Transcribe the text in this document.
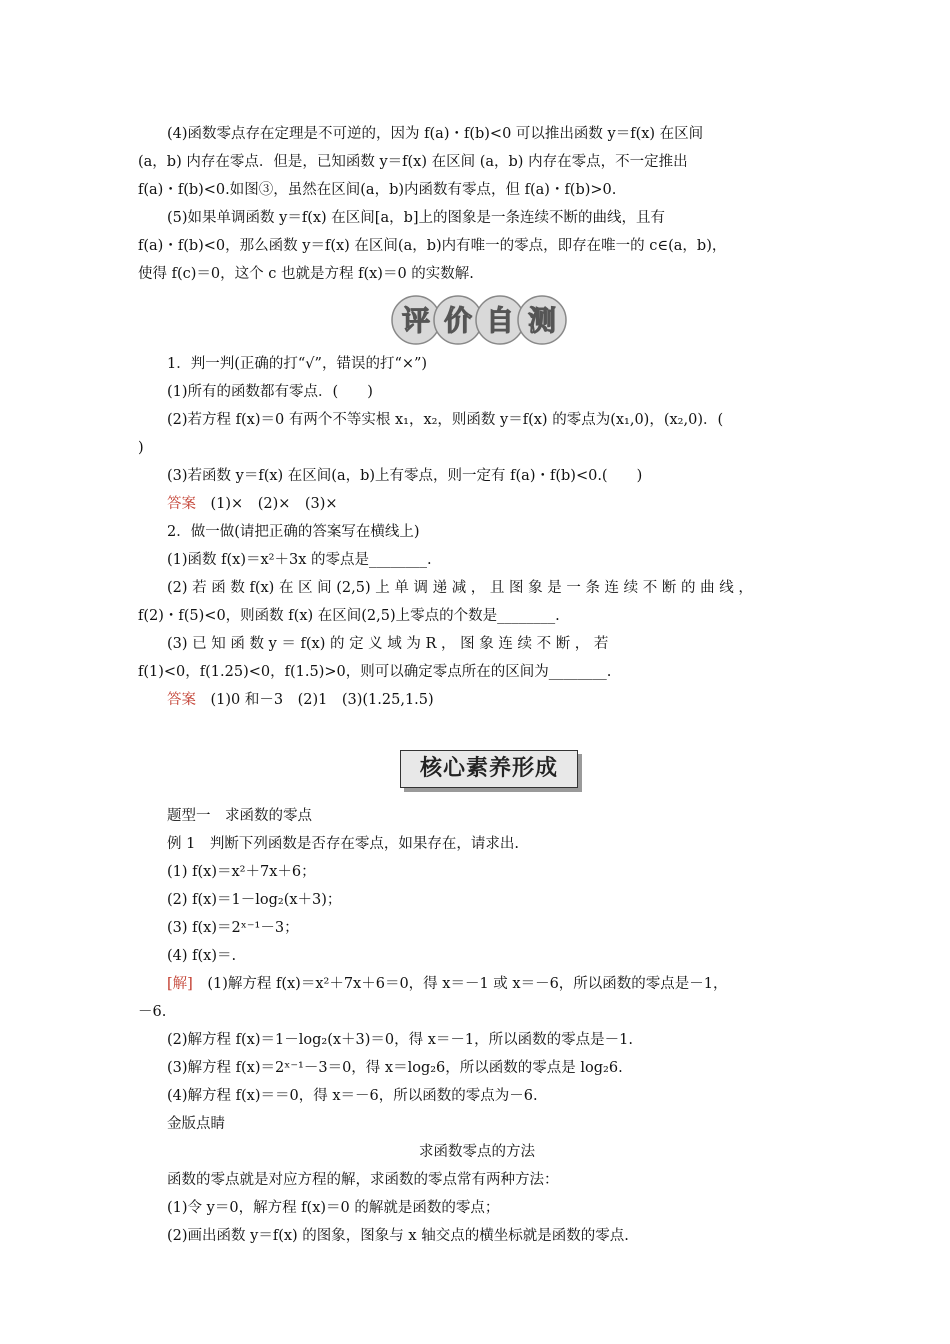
(4)函数零点存在定理是不可逆的，因为 f(a)・f(b)<0 可以推出函数 y＝f(x) 在区间

(a，b) 内存在零点．但是，已知函数 y＝f(x) 在区间 (a，b) 内存在零点，不一定推出

f(a)・f(b)<0.如图③，虽然在区间(a，b)内函数有零点，但 f(a)・f(b)>0.

(5)如果单调函数 y＝f(x) 在区间[a，b]上的图象是一条连续不断的曲线，且有

f(a)・f(b)<0，那么函数 y＝f(x) 在区间(a，b)内有唯一的零点，即存在唯一的 c∈(a，b)，

使得 f(c)＝0，这个 c 也就是方程 f(x)＝0 的实数解.

评 价 自 测

1．判一判(正确的打“√”，错误的打“×”)

(1)所有的函数都有零点．(　　)

(2)若方程 f(x)＝0 有两个不等实根 x₁，x₂，则函数 y＝f(x) 的零点为(x₁,0)，(x₂,0)．(

)

(3)若函数 y＝f(x) 在区间(a，b)上有零点，则一定有 f(a)・f(b)<0.(　　)

答案　(1)×　(2)×　(3)×

2．做一做(请把正确的答案写在横线上)

(1)函数 f(x)＝x²＋3x 的零点是________.

(2) 若 函 数 f(x) 在 区 间 (2,5) 上 单 调 递 减 ， 且 图 象 是 一 条 连 续 不 断 的 曲 线 ，

f(2)・f(5)<0，则函数 f(x) 在区间(2,5)上零点的个数是________.

(3) 已 知 函 数 y ＝ f(x) 的 定 义 域 为 R ， 图 象 连 续 不 断 ， 若

f(1)<0，f(1.25)<0，f(1.5)>0，则可以确定零点所在的区间为________.

答案　(1)0 和－3　(2)1　(3)(1.25,1.5)

核心素养形成

题型一　求函数的零点

例 1　判断下列函数是否存在零点，如果存在，请求出.

(1) f(x)＝x²＋7x＋6；

(2) f(x)＝1－log₂(x＋3)；

(3) f(x)＝2ˣ⁻¹－3；

(4) f(x)＝.

[解]　(1)解方程 f(x)＝x²＋7x＋6＝0，得 x＝－1 或 x＝－6，所以函数的零点是－1，

－6.

(2)解方程 f(x)＝1－log₂(x＋3)＝0，得 x＝－1，所以函数的零点是－1.

(3)解方程 f(x)＝2ˣ⁻¹－3＝0，得 x＝log₂6，所以函数的零点是 log₂6.

(4)解方程 f(x)＝＝0，得 x＝－6，所以函数的零点为－6.

金版点睛

求函数零点的方法

函数的零点就是对应方程的解，求函数的零点常有两种方法：

(1)令 y＝0，解方程 f(x)＝0 的解就是函数的零点；

(2)画出函数 y＝f(x) 的图象，图象与 x 轴交点的横坐标就是函数的零点.
